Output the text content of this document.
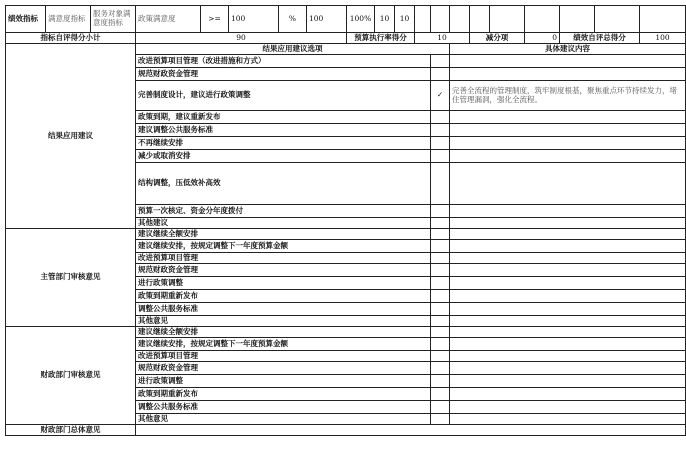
绩效指标	满意度指标	服务对象满意度指标	政策满意度	>=	100	%	100	100%	10	10									
指标自评得分小计			90					预算执行率得分			10			减分项		0	绩效自评总得分		100
结果应用建议			结果应用建议选项										具体建议内容						
			改进预算项目管理（改进措施和方式）																
			规范财政资金管理																
			完善制度设计，建议进行政策调整									✓	完善全流程的管理制度，筑牢制度根基，聚焦重点环节持续发力，堵住管理漏洞，强化全流程。						
			政策到期，建议重新发布																
			建议调整公共服务标准																
			不再继续安排																
			减少或取消安排																
			结构调整，压低效补高效																
			预算一次核定、资金分年度拨付																
			其他建议																
主管部门审核意见			建议继续全额安排																
			建议继续安排，按规定调整下一年度预算金额																
			改进预算项目管理																
			规范财政资金管理																
			进行政策调整																
			政策到期重新发布																
			调整公共服务标准																
			其他意见																
财政部门审核意见			建议继续全额安排																
			建议继续安排，按规定调整下一年度预算金额																
			改进预算项目管理																
			规范财政资金管理																
			进行政策调整																
			政策到期重新发布																
			调整公共服务标准																
			其他意见																
财政部门总体意见																			
